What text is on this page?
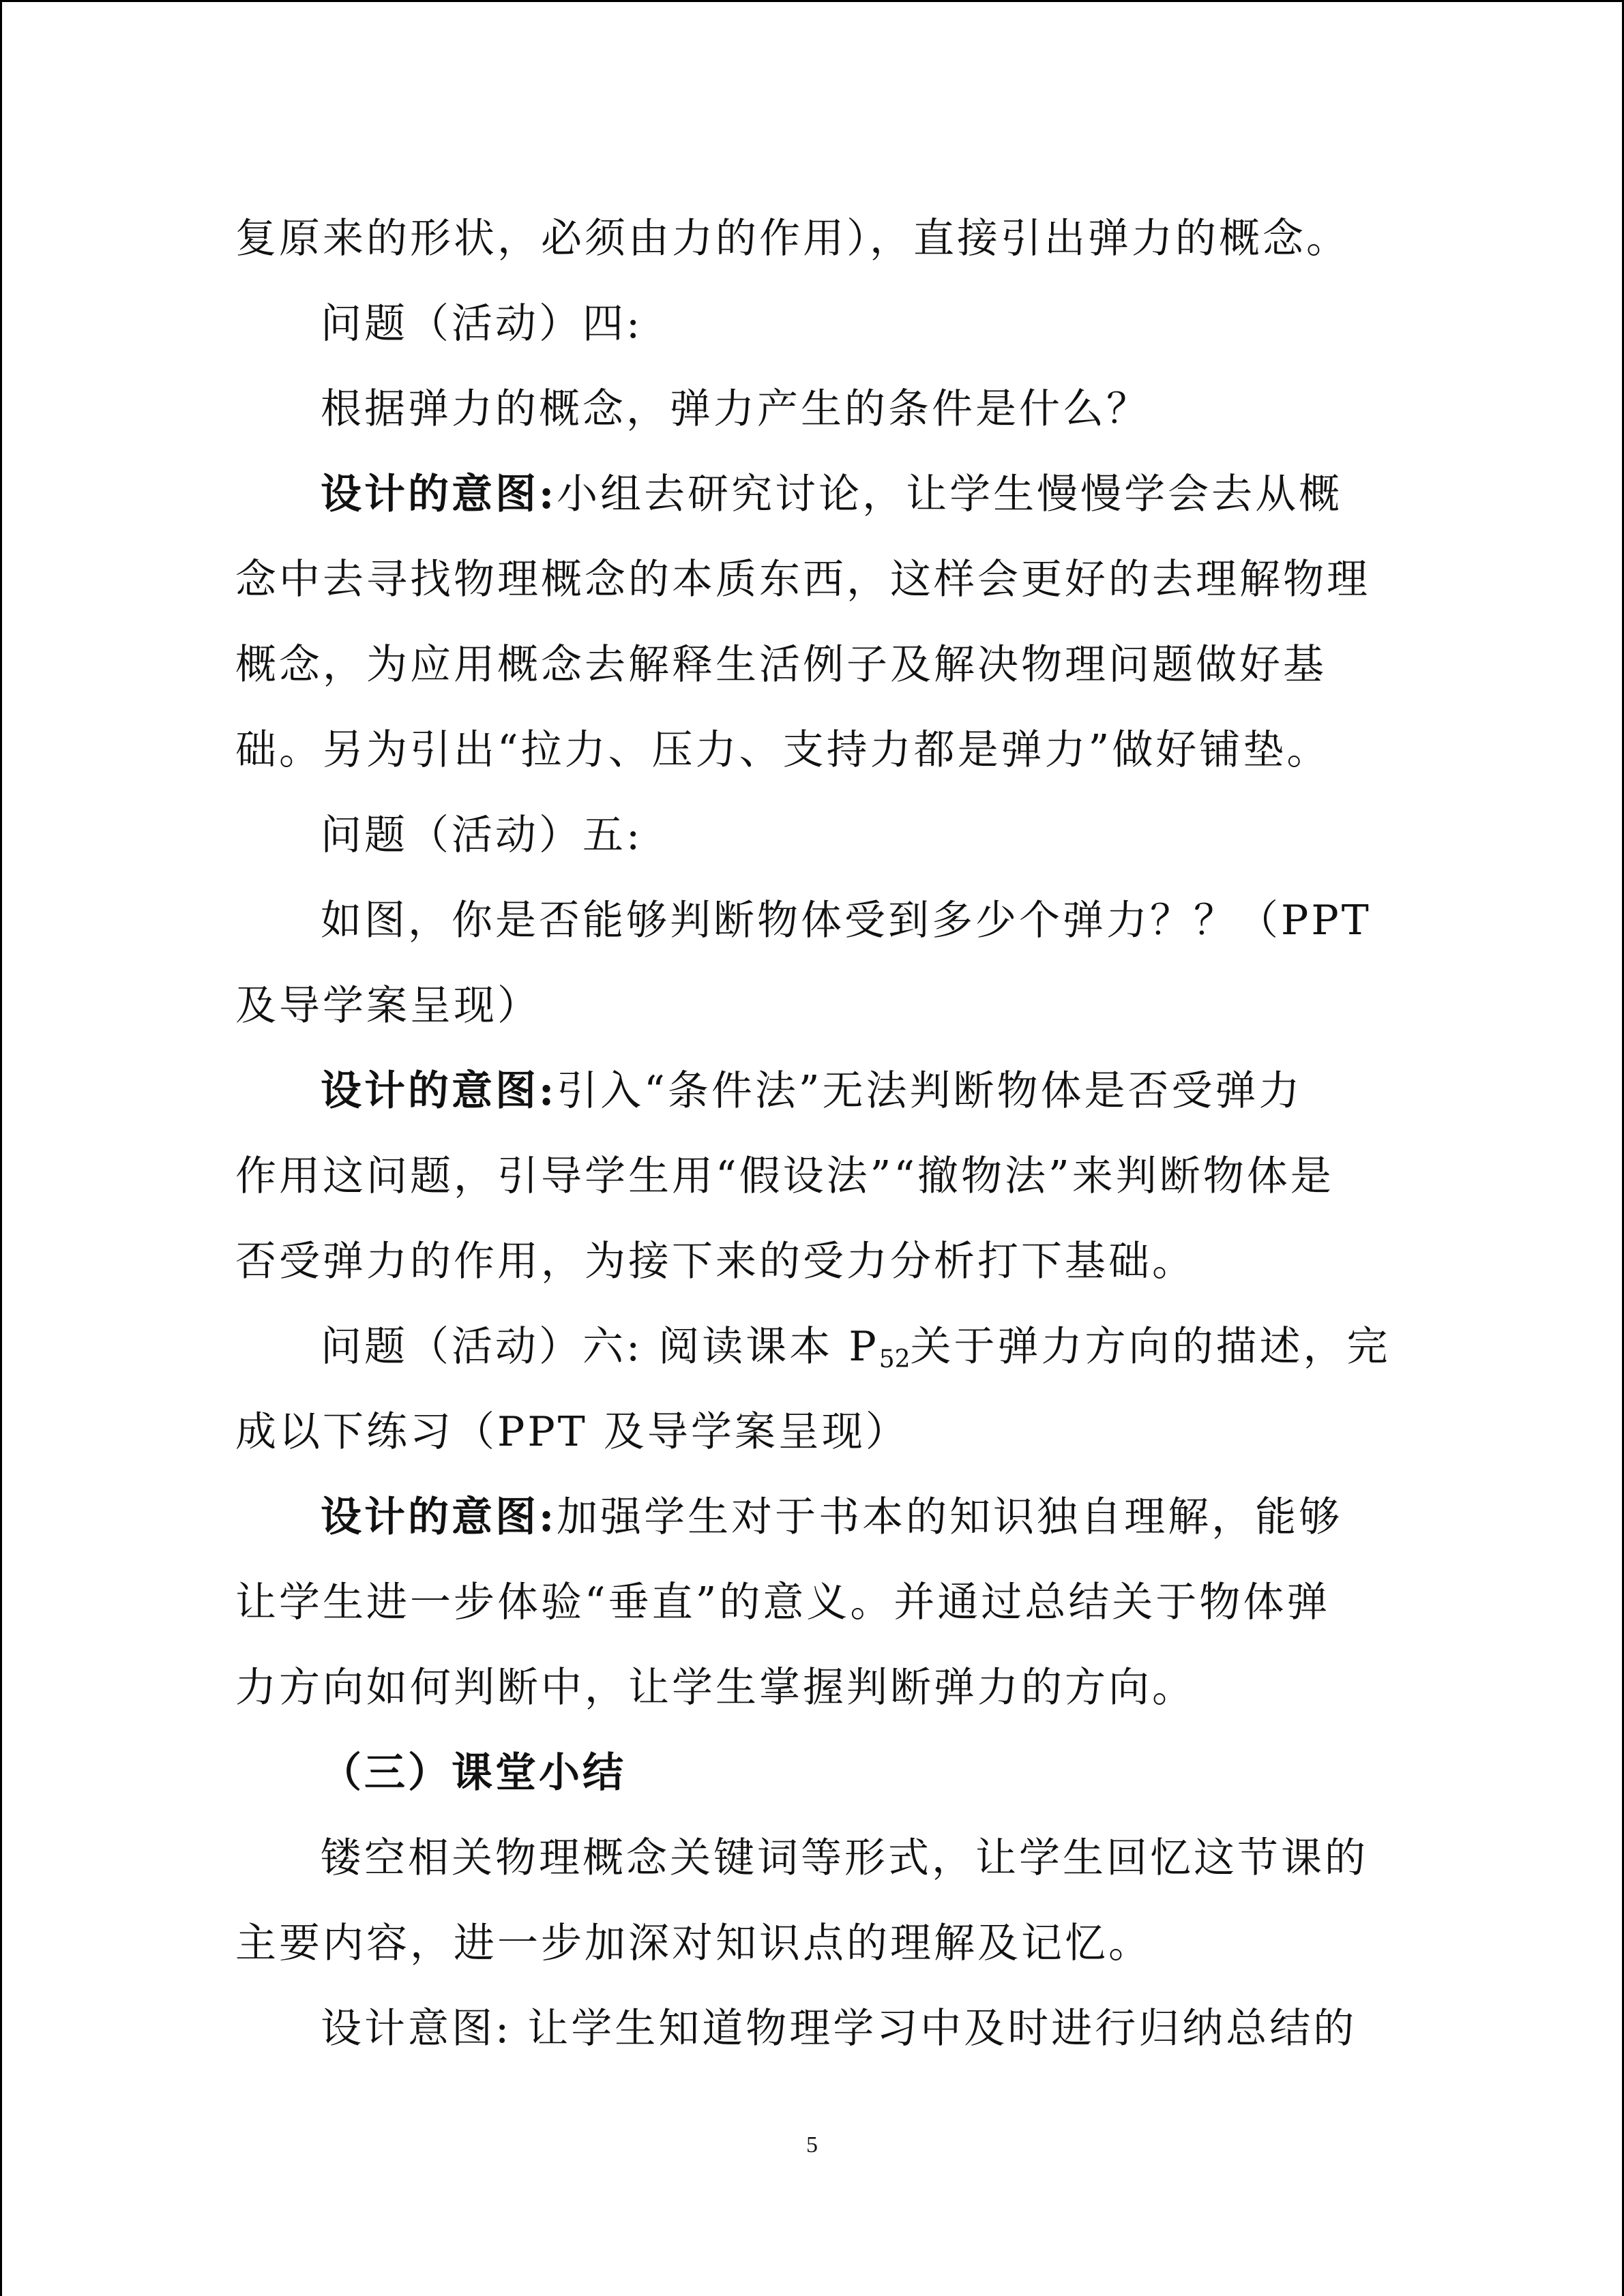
复原来的形状，必须由力的作用），直接引出弹力的概念。
问题（活动）四:
根据弹力的概念，弹力产生的条件是什么？
设计的意图:小组去研究讨论，让学生慢慢学会去从概
念中去寻找物理概念的本质东西，这样会更好的去理解物理
概念，为应用概念去解释生活例子及解决物理问题做好基
础。另为引出“拉力、压力、支持力都是弹力”做好铺垫。
问题（活动）五:
如图，你是否能够判断物体受到多少个弹力？？（PPT
及导学案呈现）
设计的意图:引入“条件法”无法判断物体是否受弹力
作用这问题，引导学生用“假设法”“撤物法”来判断物体是
否受弹力的作用，为接下来的受力分析打下基础。
问题（活动）六: 阅读课本 $P_{52}$关于弹力方向的描述，完
成以下练习（PPT 及导学案呈现）
设计的意图:加强学生对于书本的知识独自理解，能够
让学生进一步体验“垂直”的意义。并通过总结关于物体弹
力方向如何判断中，让学生掌握判断弹力的方向。
（三）课堂小结
镂空相关物理概念关键词等形式，让学生回忆这节课的
主要内容，进一步加深对知识点的理解及记忆。
设计意图: 让学生知道物理学习中及时进行归纳总结的
5
